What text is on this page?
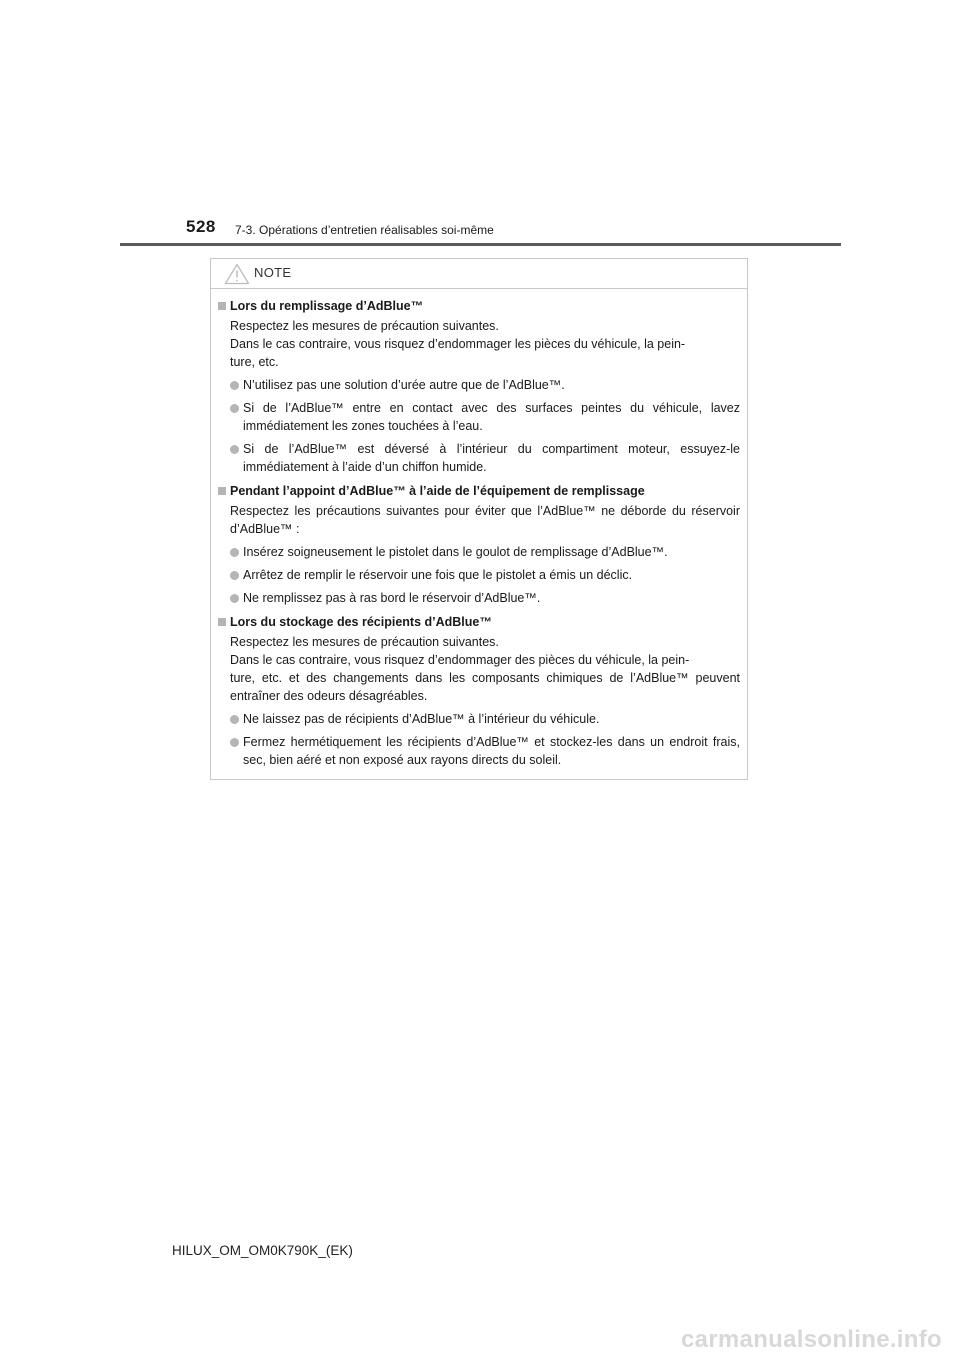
528 7-3. Opérations d’entretien réalisables soi-même
NOTE
Lors du remplissage d’AdBlue™
Respectez les mesures de précaution suivantes.
Dans le cas contraire, vous risquez d’endommager les pièces du véhicule, la pein-
ture, etc.
N’utilisez pas une solution d’urée autre que de l’AdBlue™.
Si de l’AdBlue™ entre en contact avec des surfaces peintes du véhicule, lavez immédiatement les zones touchées à l’eau.
Si de l’AdBlue™ est déversé à l’intérieur du compartiment moteur, essuyez-le immédiatement à l’aide d’un chiffon humide.
Pendant l’appoint d’AdBlue™ à l’aide de l’équipement de remplissage
Respectez les précautions suivantes pour éviter que l’AdBlue™ ne déborde du réservoir d’AdBlue™ :
Insérez soigneusement le pistolet dans le goulot de remplissage d’AdBlue™.
Arrêtez de remplir le réservoir une fois que le pistolet a émis un déclic.
Ne remplissez pas à ras bord le réservoir d’AdBlue™.
Lors du stockage des récipients d’AdBlue™
Respectez les mesures de précaution suivantes.
Dans le cas contraire, vous risquez d’endommager des pièces du véhicule, la pein-
ture, etc. et des changements dans les composants chimiques de l’AdBlue™ peuvent entraîner des odeurs désagréables.
Ne laissez pas de récipients d’AdBlue™ à l’intérieur du véhicule.
Fermez hermétiquement les récipients d’AdBlue™ et stockez-les dans un endroit frais, sec, bien aéré et non exposé aux rayons directs du soleil.
HILUX_OM_OM0K790K_(EK)
carmanualsonline.info
